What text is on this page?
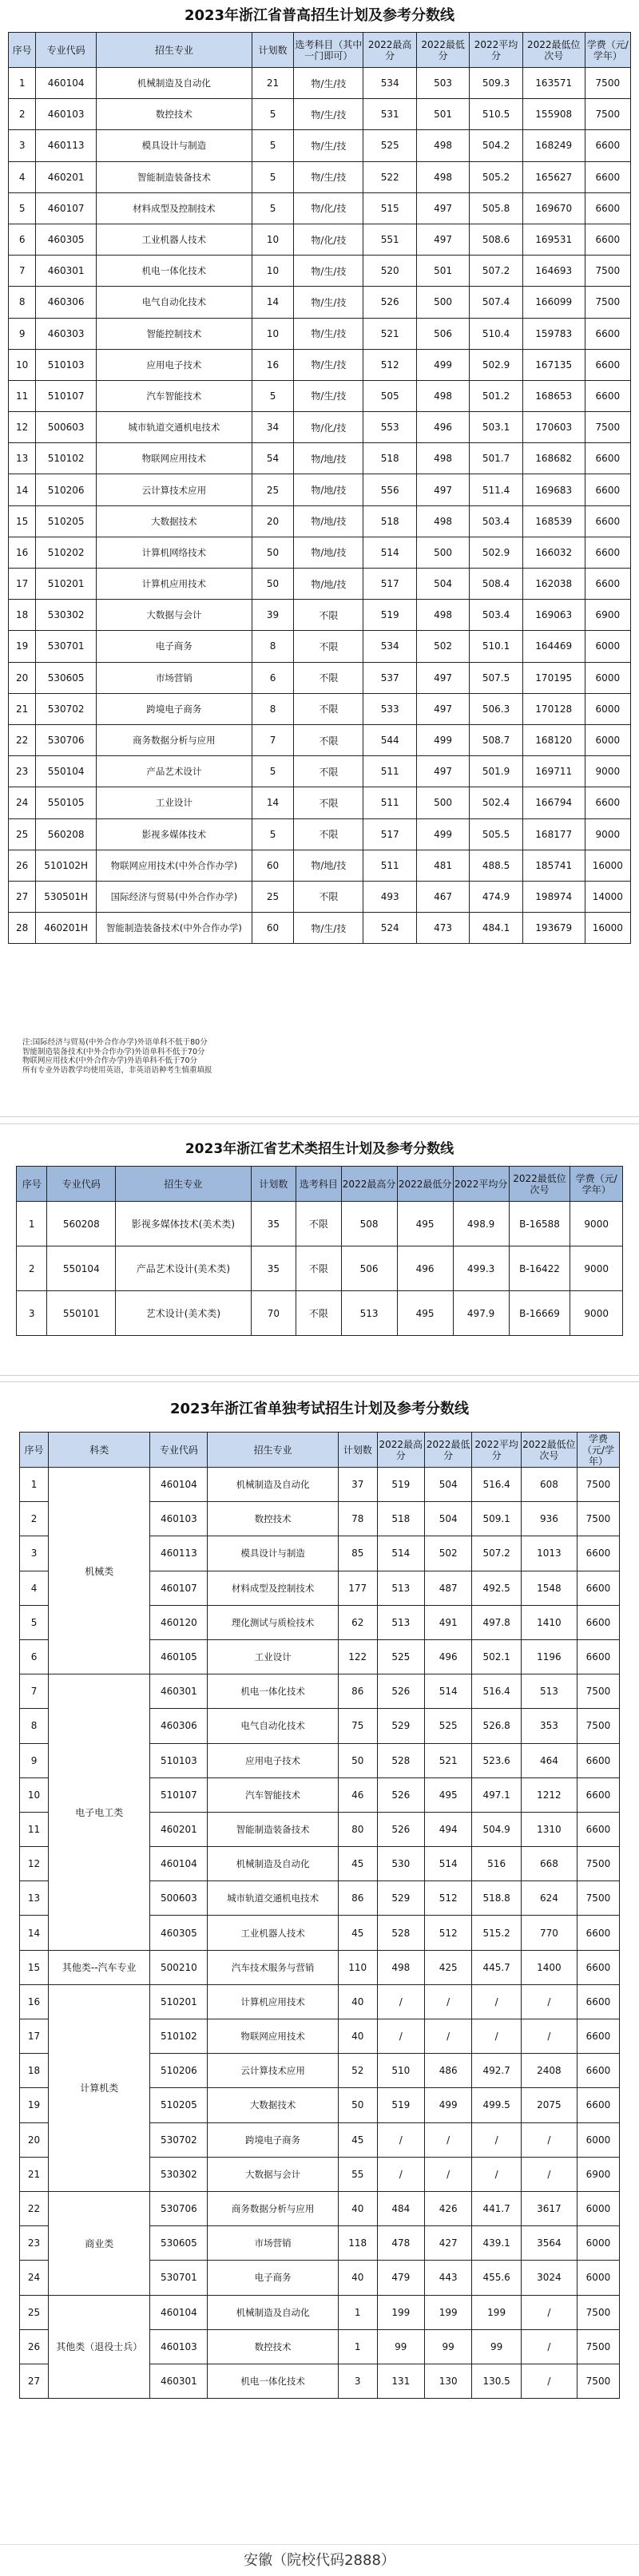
2023年浙江省普高招生计划及参考分数线
序号	专业代码	招生专业	计划数	选考科目（其中一门即可）	2022最高分	2022最低分	2022平均分	2022最低位次号	学费（元/学年）
1	460104	机械制造及自动化	21	物/生/技	534	503	509.3	163571	7500
2	460103	数控技术	5	物/生/技	531	501	510.5	155908	7500
3	460113	模具设计与制造	5	物/生/技	525	498	504.2	168249	6600
4	460201	智能制造装备技术	5	物/生/技	522	498	505.2	165627	6600
5	460107	材料成型及控制技术	5	物/化/技	515	497	505.8	169670	6600
6	460305	工业机器人技术	10	物/化/技	551	497	508.6	169531	6600
7	460301	机电一体化技术	10	物/生/技	520	501	507.2	164693	7500
8	460306	电气自动化技术	14	物/生/技	526	500	507.4	166099	7500
9	460303	智能控制技术	10	物/生/技	521	506	510.4	159783	6600
10	510103	应用电子技术	16	物/生/技	512	499	502.9	167135	6600
11	510107	汽车智能技术	5	物/生/技	505	498	501.2	168653	6600
12	500603	城市轨道交通机电技术	34	物/化/技	553	496	503.1	170603	7500
13	510102	物联网应用技术	54	物/地/技	518	498	501.7	168682	6600
14	510206	云计算技术应用	25	物/地/技	556	497	511.4	169683	6600
15	510205	大数据技术	20	物/地/技	518	498	503.4	168539	6600
16	510202	计算机网络技术	50	物/地/技	514	500	502.9	166032	6600
17	510201	计算机应用技术	50	物/地/技	517	504	508.4	162038	6600
18	530302	大数据与会计	39	不限	519	498	503.4	169063	6900
19	530701	电子商务	8	不限	534	502	510.1	164469	6000
20	530605	市场营销	6	不限	537	497	507.5	170195	6000
21	530702	跨境电子商务	8	不限	533	497	506.3	170128	6000
22	530706	商务数据分析与应用	7	不限	544	499	508.7	168120	6000
23	550104	产品艺术设计	5	不限	511	497	501.9	169711	9000
24	550105	工业设计	14	不限	511	500	502.4	166794	6600
25	560208	影视多媒体技术	5	不限	517	499	505.5	168177	9000
26	510102H	物联网应用技术(中外合作办学)	60	物/地/技	511	481	488.5	185741	16000
27	530501H	国际经济与贸易(中外合作办学)	25	不限	493	467	474.9	198974	14000
28	460201H	智能制造装备技术(中外合作办学)	60	物/生/技	524	473	484.1	193679	16000
注:国际经济与贸易(中外合作办学)外语单科不低于80分
智能制造装备技术(中外合作办学)外语单科不低于70分
物联网应用技术(中外合作办学)外语单科不低于70分
所有专业外语教学均使用英语，非英语语种考生慎重填报
2023年浙江省艺术类招生计划及参考分数线
序号	专业代码	招生专业	计划数	选考科目	2022最高分	2022最低分	2022平均分	2022最低位次号	学费（元/学年）
1	560208	影视多媒体技术(美术类)	35	不限	508	495	498.9	B-16588	9000
2	550104	产品艺术设计(美术类)	35	不限	506	496	499.3	B-16422	9000
3	550101	艺术设计(美术类)	70	不限	513	495	497.9	B-16669	9000
2023年浙江省单独考试招生计划及参考分数线
序号	科类	专业代码	招生专业	计划数	2022最高分	2022最低分	2022平均分	2022最低位次号	学费（元/学年）
1	机械类	460104	机械制造及自动化	37	519	504	516.4	608	7500
2		460103	数控技术	78	518	504	509.1	936	7500
3		460113	模具设计与制造	85	514	502	507.2	1013	6600
4		460107	材料成型及控制技术	177	513	487	492.5	1548	6600
5		460120	理化测试与质检技术	62	513	491	497.8	1410	6600
6		460105	工业设计	122	525	496	502.1	1196	6600
7	电子电工类	460301	机电一体化技术	86	526	514	516.4	513	7500
8		460306	电气自动化技术	75	529	525	526.8	353	7500
9		510103	应用电子技术	50	528	521	523.6	464	6600
10		510107	汽车智能技术	46	526	495	497.1	1212	6600
11		460201	智能制造装备技术	80	526	494	504.9	1310	6600
12		460104	机械制造及自动化	45	530	514	516	668	7500
13		500603	城市轨道交通机电技术	86	529	512	518.8	624	7500
14		460305	工业机器人技术	45	528	512	515.2	770	6600
15	其他类--汽车专业	500210	汽车技术服务与营销	110	498	425	445.7	1400	6600
16	计算机类	510201	计算机应用技术	40	/	/	/	/	6600
17		510102	物联网应用技术	40	/	/	/	/	6600
18		510206	云计算技术应用	52	510	486	492.7	2408	6600
19		510205	大数据技术	50	519	499	499.5	2075	6600
20		530702	跨境电子商务	45	/	/	/	/	6000
21		530302	大数据与会计	55	/	/	/	/	6900
22	商业类	530706	商务数据分析与应用	40	484	426	441.7	3617	6000
23		530605	市场营销	118	478	427	439.1	3564	6000
24		530701	电子商务	40	479	443	455.6	3024	6000
25	其他类（退役士兵）	460104	机械制造及自动化	1	199	199	199	/	7500
26		460103	数控技术	1	99	99	99	/	7500
27		460301	机电一体化技术	3	131	130	130.5	/	7500
安徽（院校代码2888）
